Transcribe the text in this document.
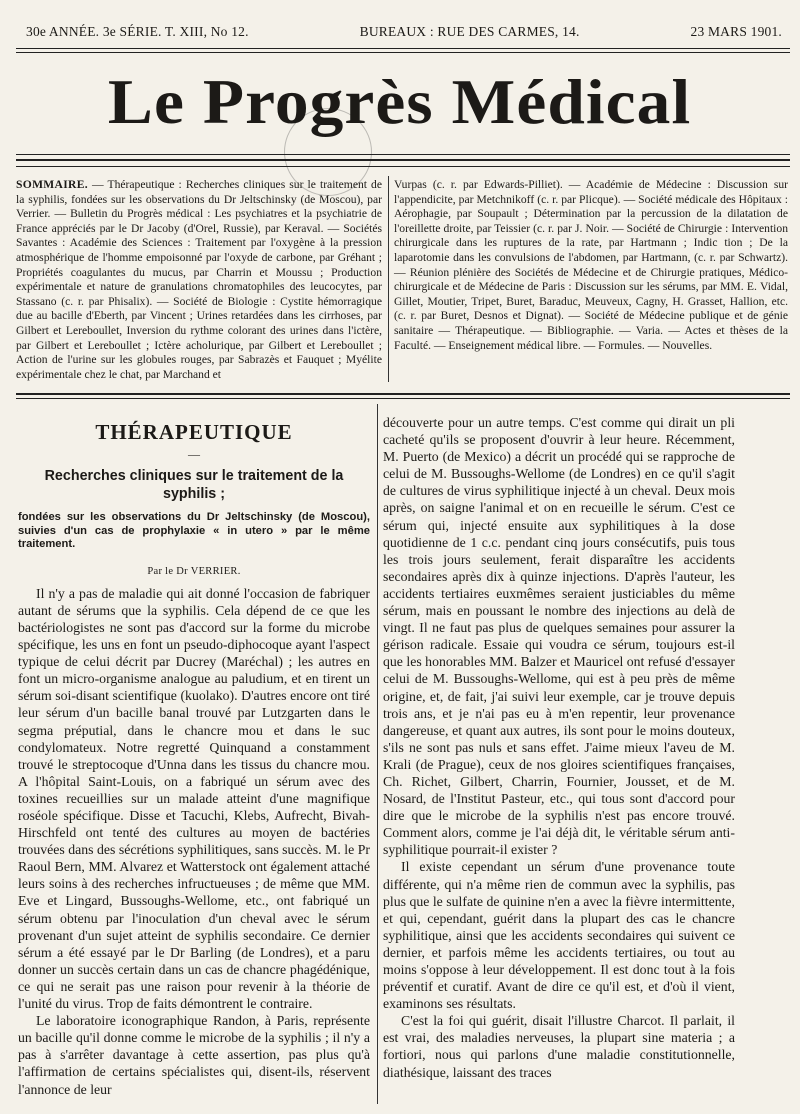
30e ANNÉE. 3e SÉRIE. T. XIII, No 12.	BUREAUX : RUE DES CARMES, 14.	23 MARS 1901.
Le Progrès Médical

SOMMAIRE. — Thérapeutique : Recherches cliniques sur le traitement de la syphilis, fondées sur les observations du Dr Jeltschinsky (de Moscou), par Verrier. — Bulletin du Progrès médical : Les psychiatres et la psychiatrie de France appréciés par le Dr Jacoby (d'Orel, Russie), par Keraval. — Sociétés Savantes : Académie des Sciences : Traitement par l'oxygène à la pression atmosphérique de l'homme empoisonné par l'oxyde de carbone, par Gréhant ; Propriétés coagulantes du mucus, par Charrin et Moussu ; Production expérimentale et nature de granulations chromatophiles des leucocytes, par Stassano (c. r. par Phisalix). — Société de Biologie : Cystite hémorragique due au bacille d'Eberth, par Vincent ; Urines retardées dans les cirrhoses, par Gilbert et Lereboullet, Inversion du rythme colorant des urines dans l'ictère, par Gilbert et Lereboullet ; Ictère acholurique, par Gilbert et Lereboullet ; Action de l'urine sur les globules rouges, par Sabrazès et Fauquet ; Myélite expérimentale chez le chat, par Marchand et

Vurpas (c. r. par Edwards-Pilliet). — Académie de Médecine : Discussion sur l'appendicite, par Metchnikoff (c. r. par Plicque). — Société médicale des Hôpitaux : Aérophagie, par Soupault ; Détermination par la percussion de la dilatation de l'oreillette droite, par Teissier (c. r. par J. Noir. — Société de Chirurgie : Intervention chirurgicale dans les ruptures de la rate, par Hartmann ; Indic tion ; De la laparotomie dans les convulsions de l'abdomen, par Hartmann, (c. r. par Schwartz). — Réunion plénière des Sociétés de Médecine et de Chirurgie pratiques, Médico-chirurgicale et de Médecine de Paris : Discussion sur les sérums, par MM. E. Vidal, Gillet, Moutier, Tripet, Buret, Baraduc, Meuveux, Cagny, H. Grasset, Hallion, etc. (c. r. par Buret, Desnos et Dignat). — Société de Médecine publique et de génie sanitaire — Thérapeutique. — Bibliographie. — Varia. — Actes et thèses de la Faculté. — Enseignement médical libre. — Formules. — Nouvelles.

THÉRAPEUTIQUE
—
Recherches cliniques sur le traitement de la syphilis ;

fondées sur les observations du Dr Jeltschinsky (de Moscou), suivies d'un cas de prophylaxie « in utero » par le même traitement.

Par le Dr VERRIER.

Il n'y a pas de maladie qui ait donné l'occasion de fabriquer autant de sérums que la syphilis. Cela dépend de ce que les bactériologistes ne sont pas d'accord sur la forme du microbe spécifique, les uns en font un pseudo-diphocoque ayant l'aspect typique de celui décrit par Ducrey (Maréchal) ; les autres en font un micro-organisme analogue au paludium, et en tirent un sérum soi-disant scientifique (kuolako). D'autres encore ont tiré leur sérum d'un bacille banal trouvé par Lutzgarten dans le segma préputial, dans le chancre mou et dans le suc condylomateux. Notre regretté Quinquand a constamment trouvé le streptocoque d'Unna dans les tissus du chancre mou. A l'hôpital Saint-Louis, on a fabriqué un sérum avec des toxines recueillies sur un malade atteint d'une magnifique roséole spécifique. Disse et Tacuchi, Klebs, Aufrecht, Bivah-Hirschfeld ont tenté des cultures au moyen de bactéries trouvées dans des sécrétions syphilitiques, sans succès. M. le Pr Raoul Bern, MM. Alvarez et Watterstock ont également attaché leurs soins à des recherches infructueuses ; de même que MM. Eve et Lingard, Bussoughs-Wellome, etc., ont fabriqué un sérum obtenu par l'inoculation d'un cheval avec le sérum provenant d'un sujet atteint de syphilis secondaire. Ce dernier sérum a été essayé par le Dr Barling (de Londres), et a paru donner un succès certain dans un cas de chancre phagédénique, ce qui ne serait pas une raison pour revenir à la théorie de l'unité du virus. Trop de faits démontrent le contraire.

Le laboratoire iconographique Randon, à Paris, représente un bacille qu'il donne comme le microbe de la syphilis ; il n'y a pas à s'arrêter davantage à cette assertion, pas plus qu'à l'affirmation de certains spécialistes qui, disent-ils, réservent l'annonce de leur

découverte pour un autre temps. C'est comme qui dirait un pli cacheté qu'ils se proposent d'ouvrir à leur heure. Récemment, M. Puerto (de Mexico) a décrit un procédé qui se rapproche de celui de M. Bussoughs-Wellome (de Londres) en ce qu'il s'agit de cultures de virus syphilitique injecté à un cheval. Deux mois après, on saigne l'animal et on en recueille le sérum. C'est ce sérum qui, injecté ensuite aux syphilitiques à la dose quotidienne de 1 c.c. pendant cinq jours consécutifs, puis tous les trois jours seulement, ferait disparaître les accidents secondaires après dix à quinze injections. D'après l'auteur, les accidents tertiaires euxmêmes seraient justiciables du même sérum, mais en poussant le nombre des injections au delà de vingt. Il ne faut pas plus de quelques semaines pour assurer la gérison radicale. Essaie qui voudra ce sérum, toujours est-il que les honorables MM. Balzer et Mauricel ont refusé d'essayer celui de M. Bussoughs-Wellome, qui est à peu près de même origine, et, de fait, j'ai suivi leur exemple, car je trouve depuis trois ans, et je n'ai pas eu à m'en repentir, leur provenance dangereuse, et quant aux autres, ils sont pour le moins douteux, s'ils ne sont pas nuls et sans effet. J'aime mieux l'aveu de M. Krali (de Prague), ceux de nos gloires scientifiques françaises, Ch. Richet, Gilbert, Charrin, Fournier, Jousset, et de M. Nosard, de l'Institut Pasteur, etc., qui tous sont d'accord pour dire que le microbe de la syphilis n'est pas encore trouvé. Comment alors, comme je l'ai déjà dit, le véritable sérum anti-syphilitique pourrait-il exister ?

Il existe cependant un sérum d'une provenance toute différente, qui n'a même rien de commun avec la syphilis, pas plus que le sulfate de quinine n'en a avec la fièvre intermittente, et qui, cependant, guérit dans la plupart des cas le chancre syphilitique, ainsi que les accidents secondaires qui suivent ce dernier, et parfois même les accidents tertiaires, ou tout au moins s'oppose à leur développement. Il est donc tout à la fois préventif et curatif. Avant de dire ce qu'il est, et d'où il vient, examinons ses résultats.

C'est la foi qui guérit, disait l'illustre Charcot. Il parlait, il est vrai, des maladies nerveuses, la plupart sine materia ; a fortiori, nous qui parlons d'une maladie constitutionnelle, diathésique, laissant des traces
